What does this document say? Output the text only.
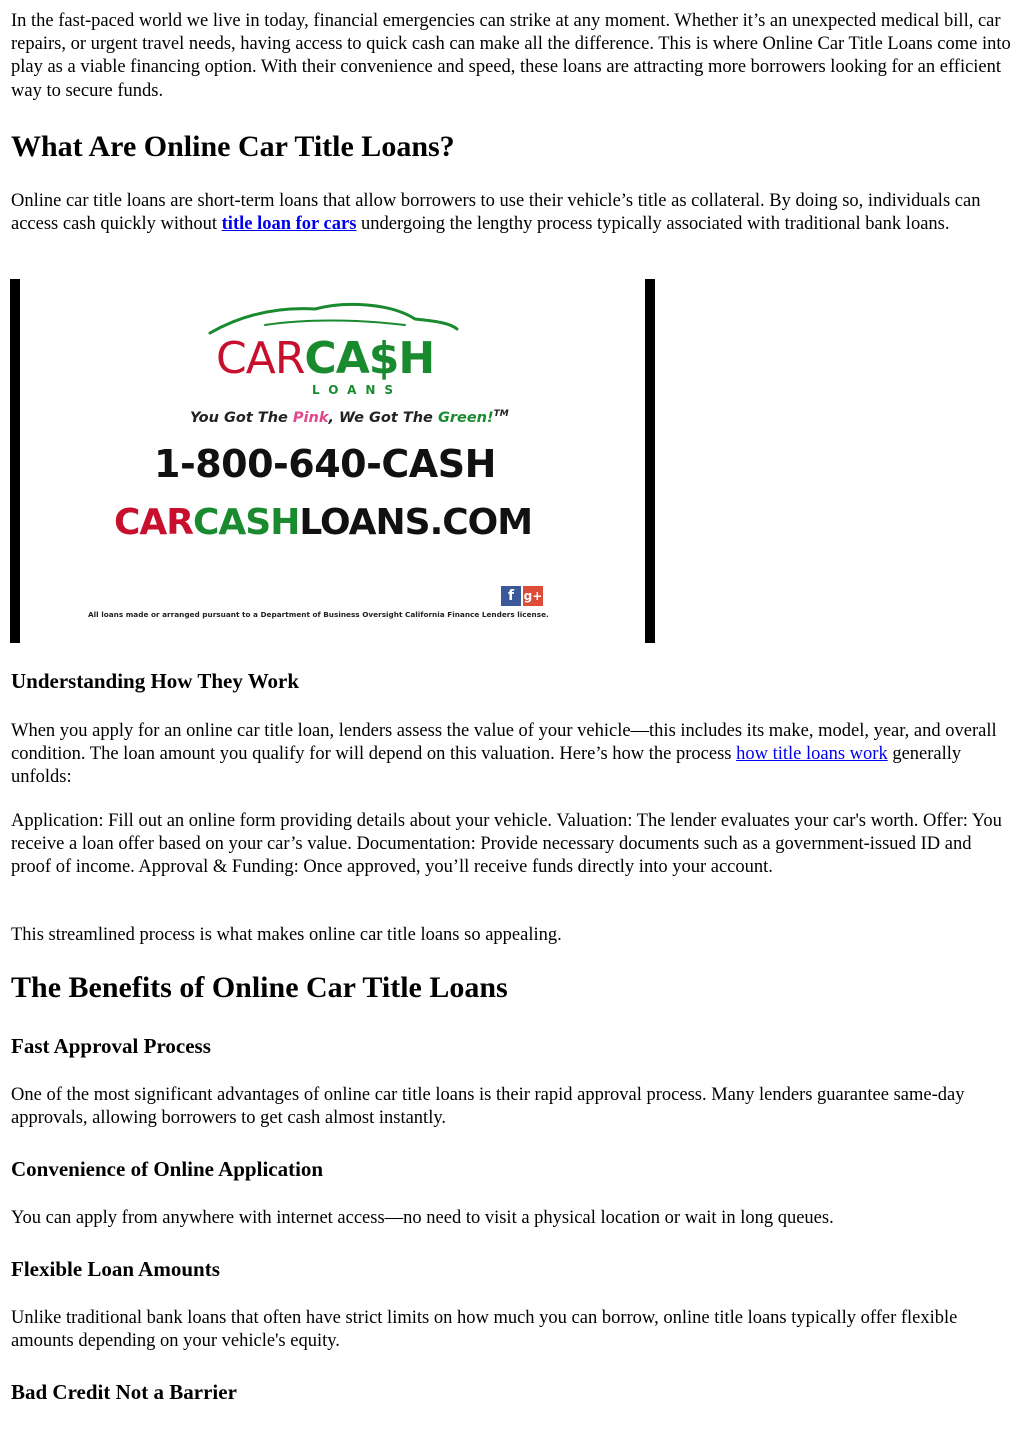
In the fast-paced world we live in today, financial emergencies can strike at any moment. Whether it’s an unexpected medical bill, car repairs, or urgent travel needs, having access to quick cash can make all the difference. This is where Online Car Title Loans come into play as a viable financing option. With their convenience and speed, these loans are attracting more borrowers looking for an efficient way to secure funds.

What Are Online Car Title Loans?

Online car title loans are short-term loans that allow borrowers to use their vehicle’s title as collateral. By doing so, individuals can access cash quickly without title loan for cars undergoing the lengthy process typically associated with traditional bank loans.

CARCA$H
LOANS
You Got The Pink, We Got The Green!™
1-800-640-CASH
CARCASHLOANS.COM
f g+
All loans made or arranged pursuant to a Department of Business Oversight California Finance Lenders license.
Understanding How They Work

When you apply for an online car title loan, lenders assess the value of your vehicle—this includes its make, model, year, and overall condition. The loan amount you qualify for will depend on this valuation. Here’s how the process how title loans work generally unfolds:

Application: Fill out an online form providing details about your vehicle. Valuation: The lender evaluates your car's worth. Offer: You receive a loan offer based on your car’s value. Documentation: Provide necessary documents such as a government-issued ID and proof of income. Approval & Funding: Once approved, you’ll receive funds directly into your account.

This streamlined process is what makes online car title loans so appealing.

The Benefits of Online Car Title Loans
Fast Approval Process

One of the most significant advantages of online car title loans is their rapid approval process. Many lenders guarantee same-day approvals, allowing borrowers to get cash almost instantly.

Convenience of Online Application

You can apply from anywhere with internet access—no need to visit a physical location or wait in long queues.

Flexible Loan Amounts

Unlike traditional bank loans that often have strict limits on how much you can borrow, online title loans typically offer flexible amounts depending on your vehicle's equity.

Bad Credit Not a Barrier
